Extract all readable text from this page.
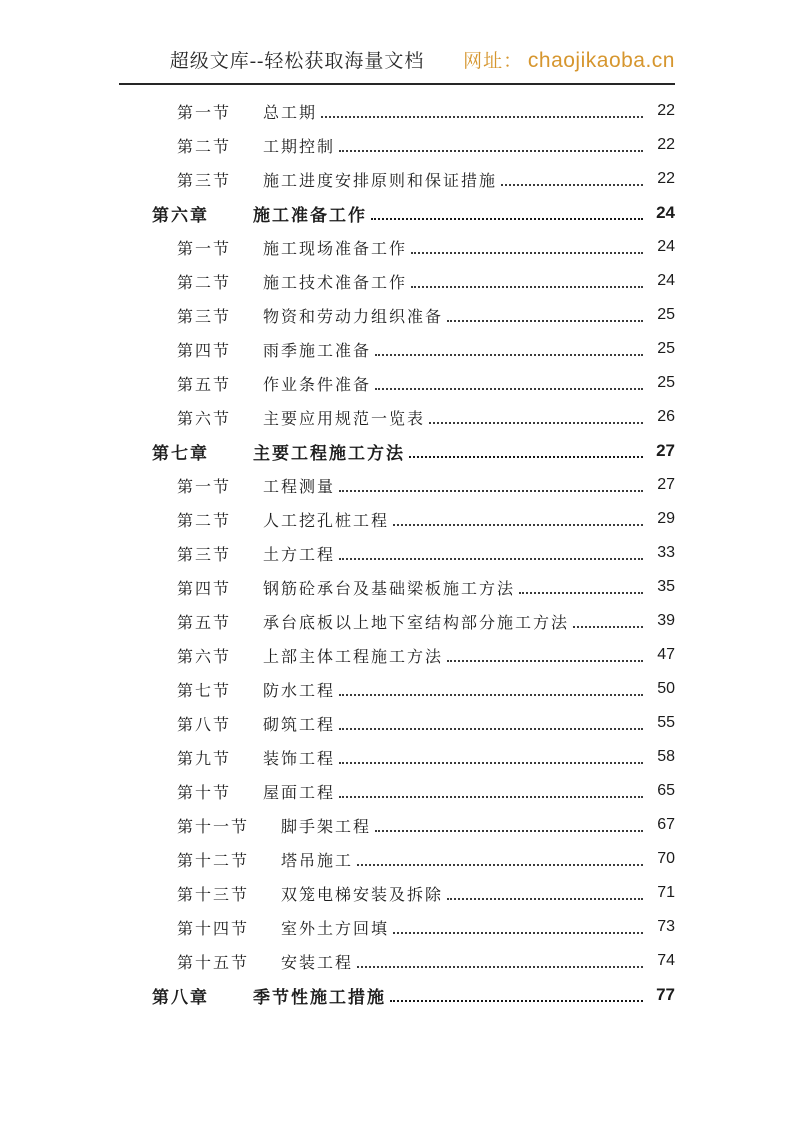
超级文库--轻松获取海量文档 网址： chaojikaoba.cn
第一节 总工期	22
第二节 工期控制	22
第三节 施工进度安排原则和保证措施	22
第六章	施工准备工作	24
第一节 施工现场准备工作	24
第二节 施工技术准备工作	24
第三节 物资和劳动力组织准备	25
第四节 雨季施工准备	25
第五节 作业条件准备	25
第六节 主要应用规范一览表	26
第七章	主要工程施工方法	27
第一节 工程测量	27
第二节 人工挖孔桩工程	29
第三节 土方工程	33
第四节 钢筋砼承台及基础梁板施工方法	35
第五节 承台底板以上地下室结构部分施工方法	39
第六节 上部主体工程施工方法	47
第七节 防水工程	50
第八节 砌筑工程	55
第九节 装饰工程	58
第十节 屋面工程	65
第十一节 脚手架工程	67
第十二节 塔吊施工	70
第十三节 双笼电梯安装及拆除	71
第十四节 室外土方回填	73
第十五节 安装工程	74
第八章	季节性施工措施	77
